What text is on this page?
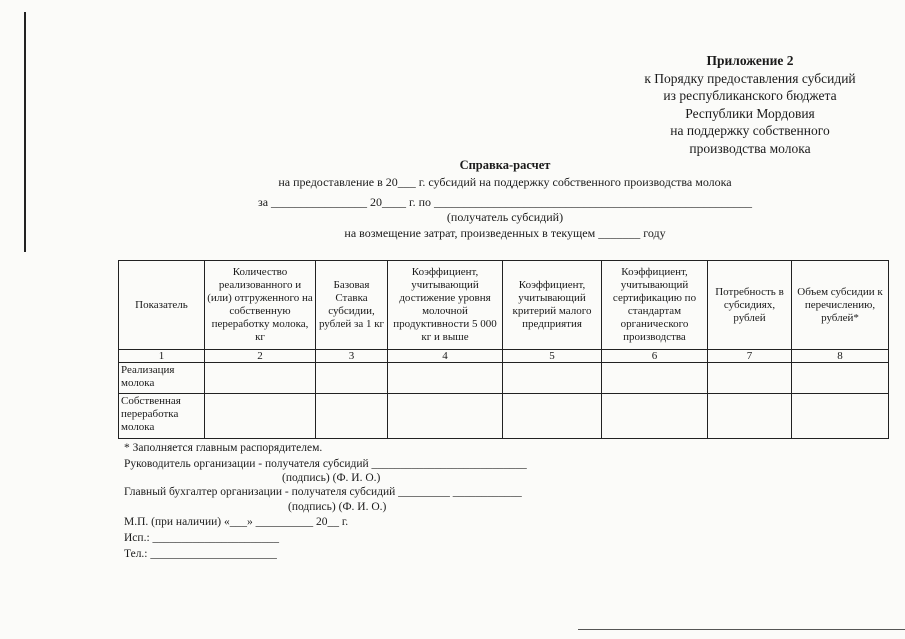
Приложение 2
к Порядку предоставления субсидий
из республиканского бюджета
Республики Мордовия
на поддержку собственного
производства молока
Справка-расчет
на предоставление в 20___ г. субсидий на поддержку собственного производства молока
за ________________ 20____ г. по _____________________________________________________
(получатель субсидий)
на возмещение затрат, произведенных в текущем _______ году
Показатель	Количество реализованного и (или) отгруженного на собственную переработку молока, кг	Базовая Ставка субсидии, рублей за 1 кг	Коэффициент, учитывающий достижение уровня молочной продуктивности 5 000 кг и выше	Коэффициент, учитывающий критерий малого предприятия	Коэффициент, учитывающий сертификацию по стандартам органического производства	Потребность в субсидиях, рублей	Объем субсидии к перечислению, рублей*
1	2	3	4	5	6	7	8
Реализация молока							
Собственная переработка молока							
* Заполняется главным распорядителем.
Руководитель организации - получателя субсидий ___________________________
(подпись) (Ф. И. О.)
Главный бухгалтер организации - получателя субсидий _________ ____________
(подпись) (Ф. И. О.)
М.П. (при наличии) «___» __________ 20__ г.
Исп.: ______________________
Тел.: ______________________
